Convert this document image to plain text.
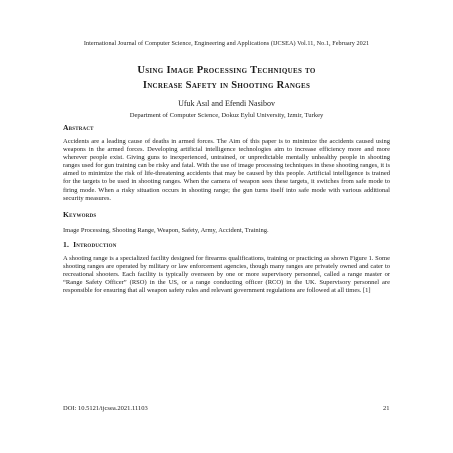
International Journal of Computer Science, Engineering and Applications (IJCSEA) Vol.11, No.1, February 2021
Using Image Processing Techniques to
Increase Safety in Shooting Ranges
Ufuk Asıl and Efendi Nasibov
Department of Computer Science, Dokuz Eylul University, Izmir, Turkey
Abstract
Accidents are a leading cause of deaths in armed forces. The Aim of this paper is to minimize the accidents caused using weapons in the armed forces. Developing artificial intelligence technologies aim to increase efficiency more and more wherever people exist. Giving guns to inexperienced, untrained, or unpredictable mentally unhealthy people in shooting ranges used for gun training can be risky and fatal. With the use of image processing techniques in these shooting ranges, it is aimed to minimize the risk of life-threatening accidents that may be caused by this people. Artificial intelligence is trained for the targets to be used in shooting ranges. When the camera of weapon sees these targets, it switches from safe mode to firing mode. When a risky situation occurs in shooting range; the gun turns itself into safe mode with various additional security measures.
Keywords
Image Processing, Shooting Range, Weapon, Safety, Army, Accident, Training.
1. Introduction
A shooting range is a specialized facility designed for firearms qualifications, training or practicing as shown Figure 1. Some shooting ranges are operated by military or law enforcement agencies, though many ranges are privately owned and cater to recreational shooters. Each facility is typically overseen by one or more supervisory personnel, called a range master or “Range Safety Officer” (RSO) in the US, or a range conducting officer (RCO) in the UK. Supervisory personnel are responsible for ensuring that all weapon safety rules and relevant government regulations are followed at all times. [1]
DOI: 10.5121/ijcsea.2021.11103	21
